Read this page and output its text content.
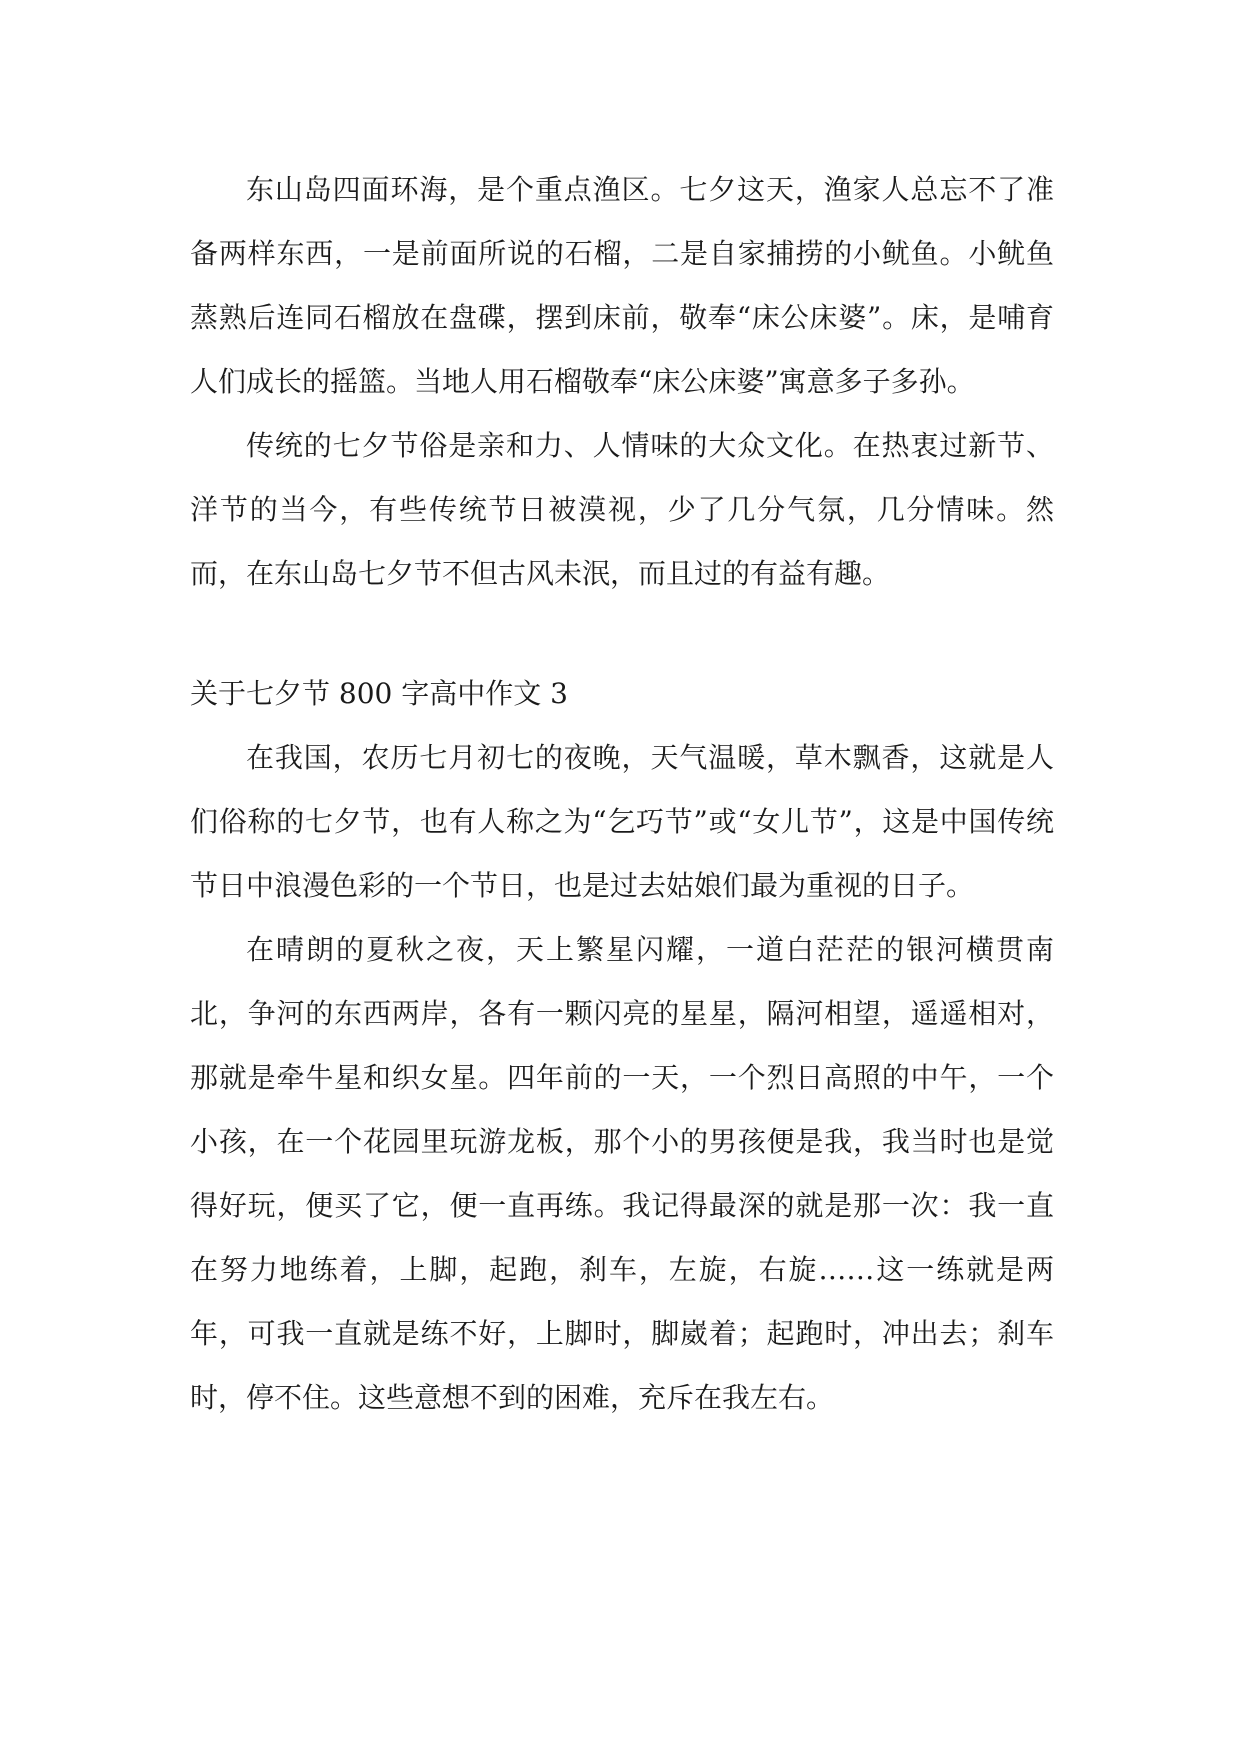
东山岛四面环海，是个重点渔区。七夕这天，渔家人总忘不了准备两样东西，一是前面所说的石榴，二是自家捕捞的小鱿鱼。小鱿鱼蒸熟后连同石榴放在盘碟，摆到床前，敬奉“床公床婆”。床，是哺育人们成长的摇篮。当地人用石榴敬奉“床公床婆”寓意多子多孙。

传统的七夕节俗是亲和力、人情味的大众文化。在热衷过新节、洋节的当今，有些传统节日被漠视，少了几分气氛，几分情味。然而，在东山岛七夕节不但古风未泯，而且过的有益有趣。

关于七夕节 800 字高中作文 3

在我国，农历七月初七的夜晚，天气温暖，草木飘香，这就是人们俗称的七夕节，也有人称之为“乞巧节”或“女儿节”，这是中国传统节日中浪漫色彩的一个节日，也是过去姑娘们最为重视的日子。

在晴朗的夏秋之夜，天上繁星闪耀，一道白茫茫的银河横贯南北，争河的东西两岸，各有一颗闪亮的星星，隔河相望，遥遥相对，那就是牵牛星和织女星。四年前的一天，一个烈日高照的中午，一个小孩，在一个花园里玩游龙板，那个小的男孩便是我，我当时也是觉得好玩，便买了它，便一直再练。我记得最深的就是那一次：我一直在努力地练着，上脚，起跑，刹车，左旋，右旋……这一练就是两年，可我一直就是练不好，上脚时，脚崴着；起跑时，冲出去；刹车时，停不住。这些意想不到的困难，充斥在我左右。
